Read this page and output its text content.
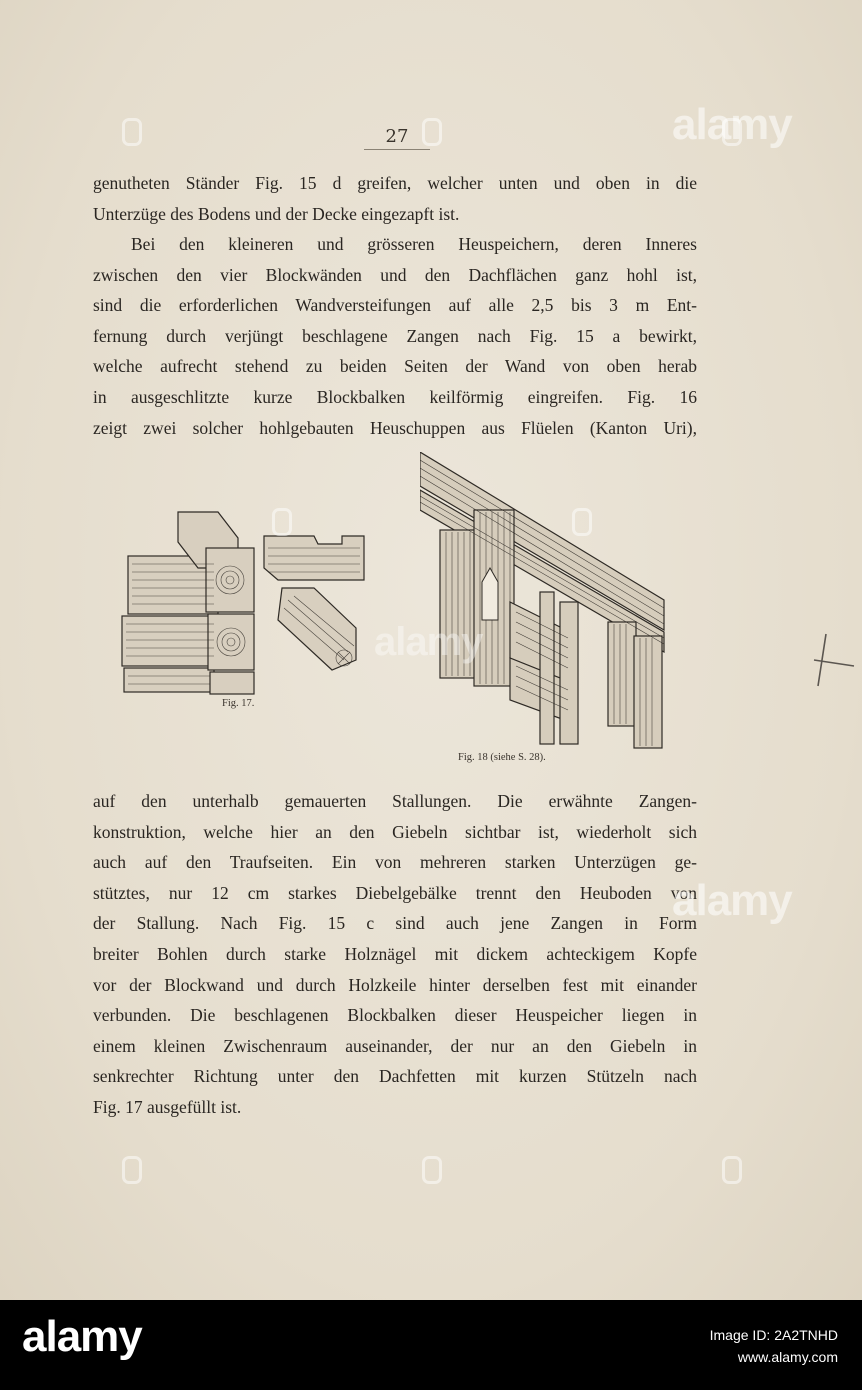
27
genutheten Ständer Fig. 15 d greifen, welcher unten und oben in die
Unterzüge des Bodens und der Decke eingezapft ist.
Bei den kleineren und grösseren Heuspeichern, deren Inneres
zwischen den vier Blockwänden und den Dachflächen ganz hohl ist,
sind die erforderlichen Wandversteifungen auf alle 2,5 bis 3 m Ent-
fernung durch verjüngt beschlagene Zangen nach Fig. 15 a bewirkt,
welche aufrecht stehend zu beiden Seiten der Wand von oben herab
in ausgeschlitzte kurze Blockbalken keilförmig eingreifen. Fig. 16
zeigt zwei solcher hohlgebauten Heuschuppen aus Flüelen (Kanton Uri),
Fig. 17.
Fig. 18 (siehe S. 28).
auf den unterhalb gemauerten Stallungen. Die erwähnte Zangen-
konstruktion, welche hier an den Giebeln sichtbar ist, wiederholt sich
auch auf den Traufseiten. Ein von mehreren starken Unterzügen ge-
stütztes, nur 12 cm starkes Diebelgebälke trennt den Heuboden von
der Stallung. Nach Fig. 15 c sind auch jene Zangen in Form
breiter Bohlen durch starke Holznägel mit dickem achteckigem Kopfe
vor der Blockwand und durch Holzkeile hinter derselben fest mit einander
verbunden. Die beschlagenen Blockbalken dieser Heuspeicher liegen in
einem kleinen Zwischenraum auseinander, der nur an den Giebeln in
senkrechter Richtung unter den Dachfetten mit kurzen Stützeln nach
Fig. 17 ausgefüllt ist.
alamy
alamy
alamy
alamy	Image ID: 2A2TNHD
www.alamy.com
